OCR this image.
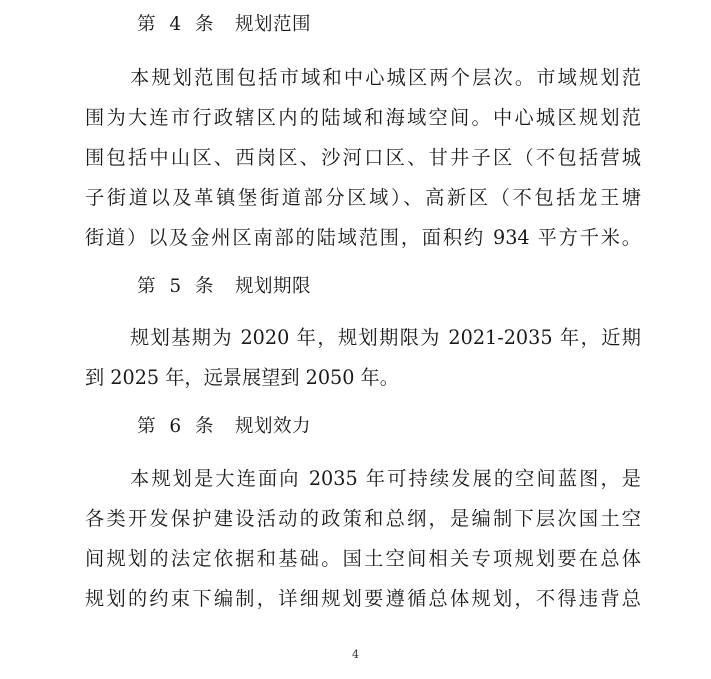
第 4 条 规划范围
本规划范围包括市域和中心城区两个层次。市域规划范
围为大连市行政辖区内的陆域和海域空间。中心城区规划范
围包括中山区、西岗区、沙河口区、甘井子区（不包括营城
子街道以及革镇堡街道部分区域）、高新区（不包括龙王塘
街道）以及金州区南部的陆域范围，面积约 934 平方千米。
第 5 条 规划期限
规划基期为 2020 年，规划期限为 2021-2035 年，近期
到 2025 年，远景展望到 2050 年。
第 6 条 规划效力
本规划是大连面向 2035 年可持续发展的空间蓝图，是
各类开发保护建设活动的政策和总纲，是编制下层次国土空
间规划的法定依据和基础。国土空间相关专项规划要在总体
规划的约束下编制，详细规划要遵循总体规划，不得违背总
4
